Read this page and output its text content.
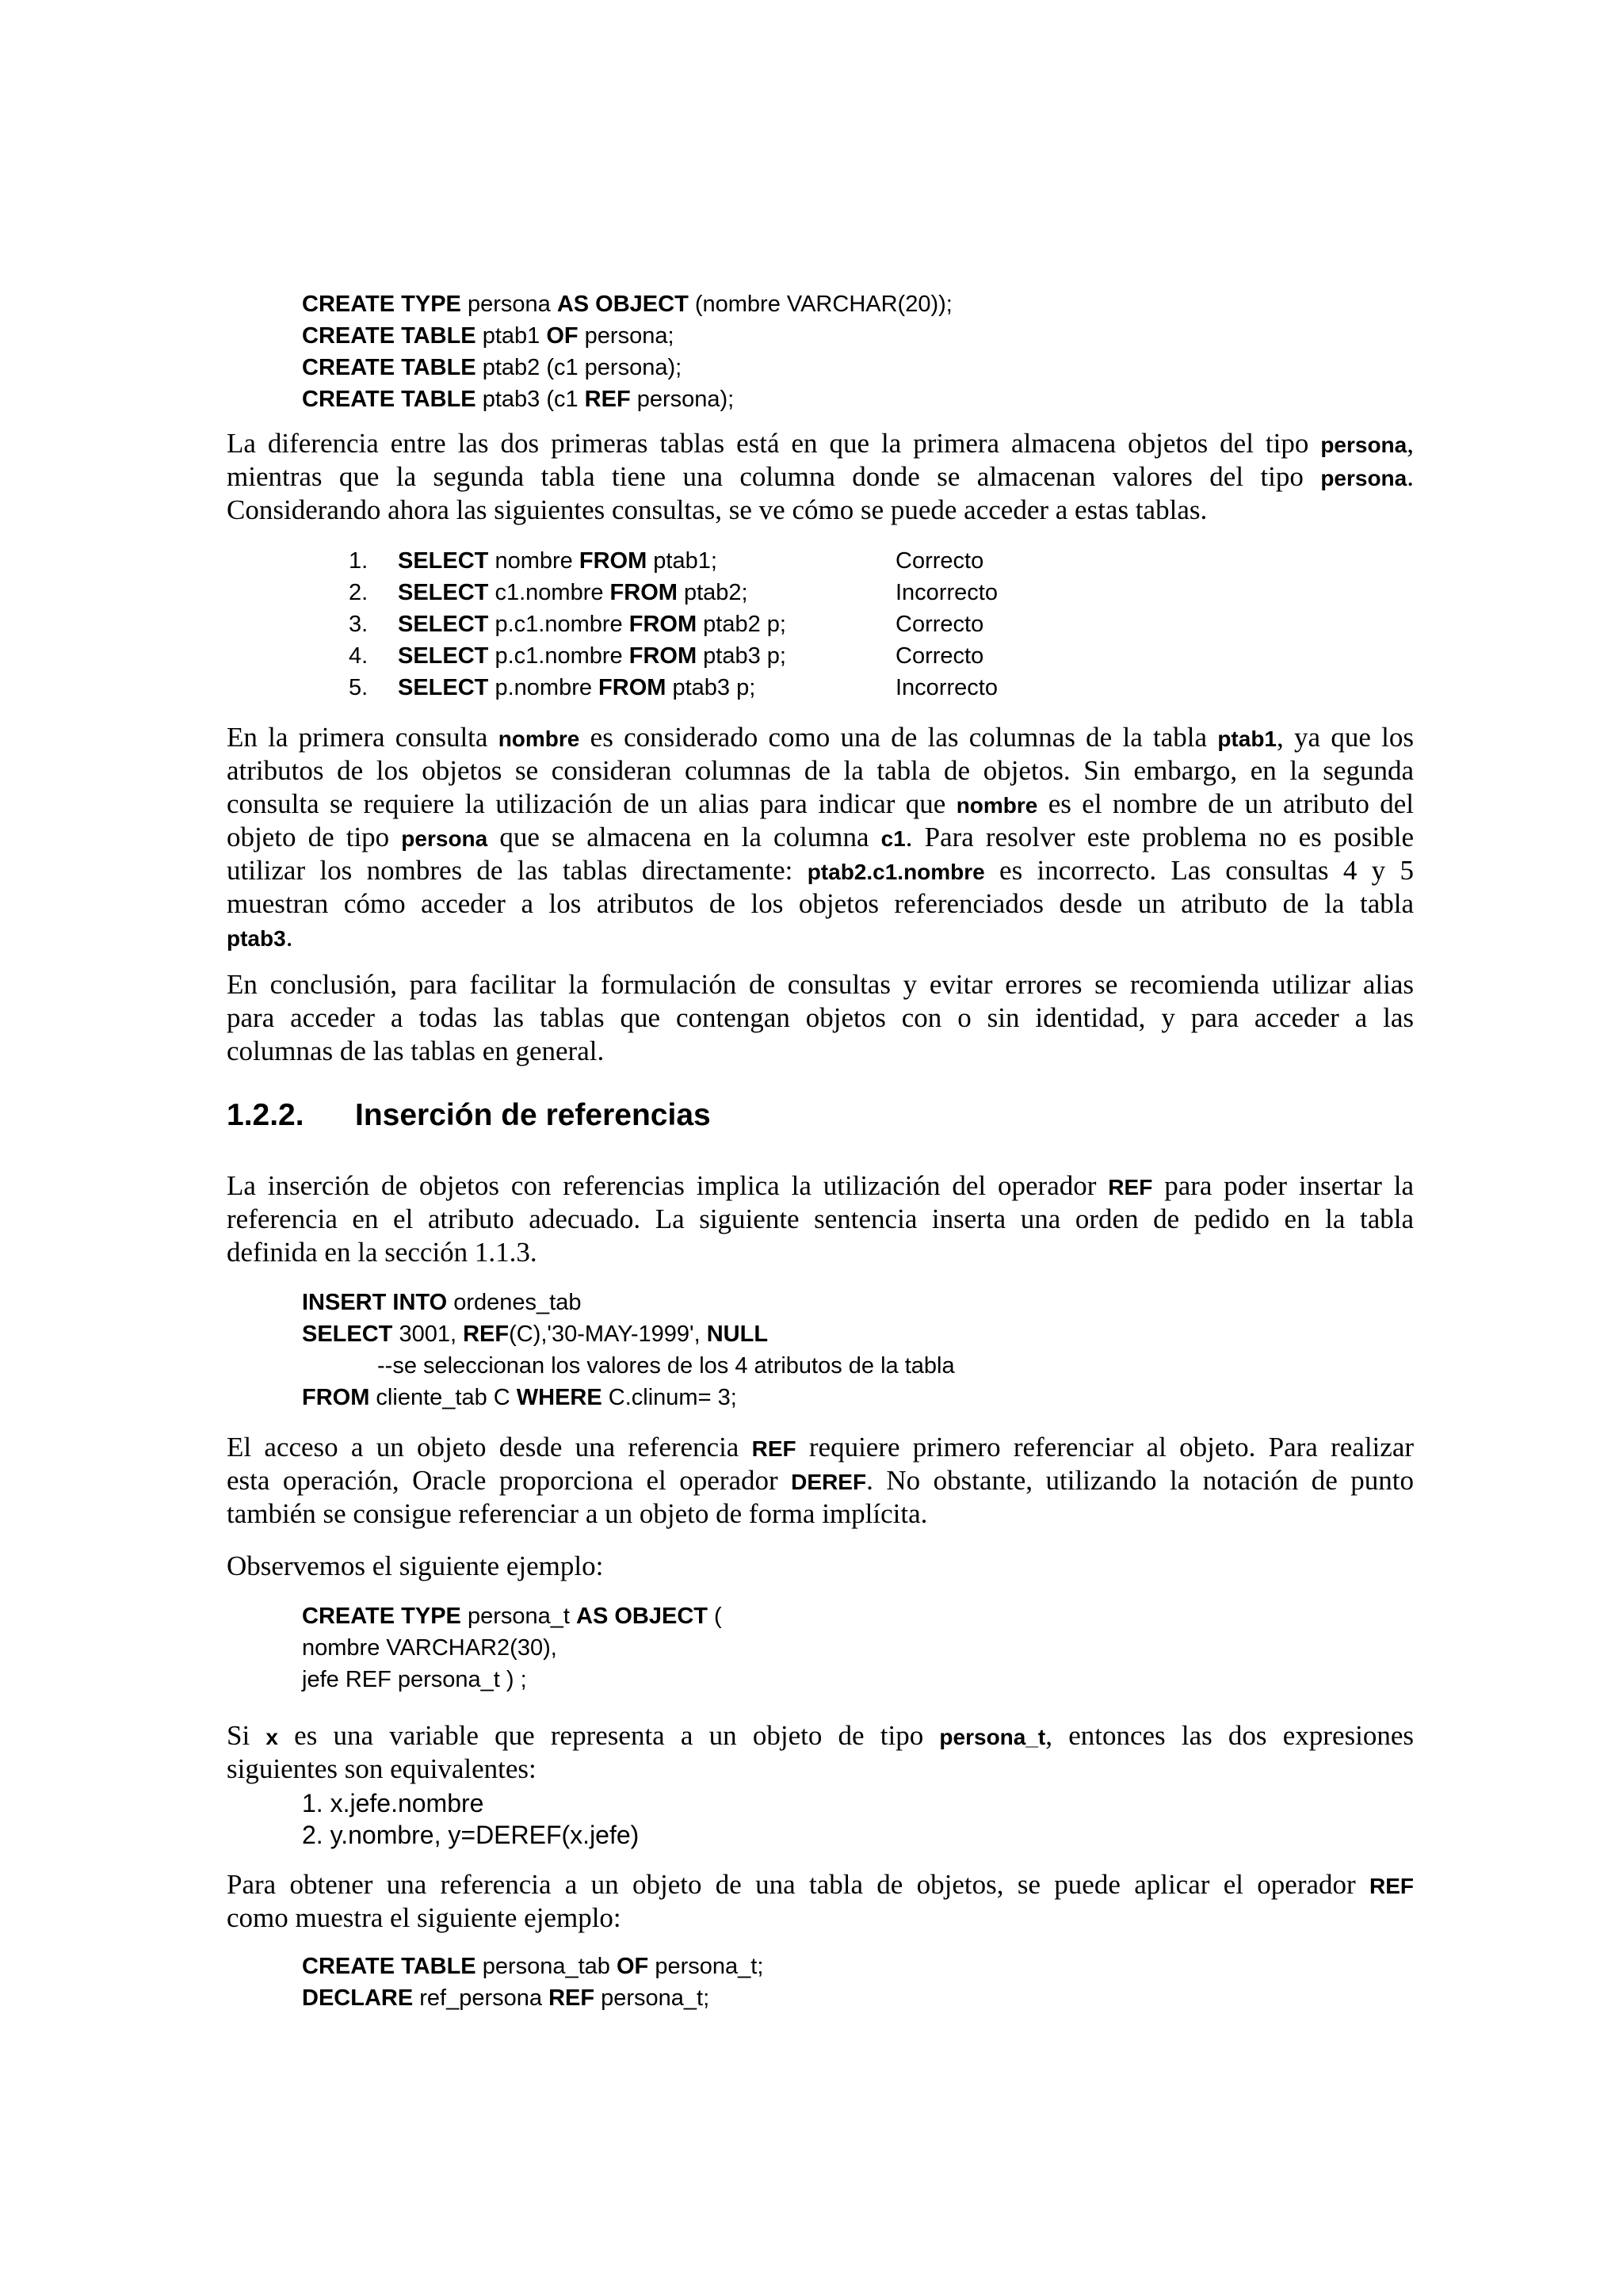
CREATE TYPE persona AS OBJECT (nombre VARCHAR(20));
CREATE TABLE ptab1 OF persona;
CREATE TABLE ptab2 (c1 persona);
CREATE TABLE ptab3 (c1 REF persona);
La diferencia entre las dos primeras tablas está en que la primera almacena objetos del tipo persona,
mientras que la segunda tabla tiene una columna donde se almacenan valores del tipo persona.
Considerando ahora las siguientes consultas, se ve cómo se puede acceder a estas tablas.
1.	SELECT nombre FROM ptab1;	Correcto
2.	SELECT c1.nombre FROM ptab2;	Incorrecto
3.	SELECT p.c1.nombre FROM ptab2 p;	Correcto
4.	SELECT p.c1.nombre FROM ptab3 p;	Correcto
5.	SELECT p.nombre FROM ptab3 p;	Incorrecto
En la primera consulta nombre es considerado como una de las columnas de la tabla ptab1, ya que los
atributos de los objetos se consideran columnas de la tabla de objetos. Sin embargo, en la segunda
consulta se requiere la utilización de un alias para indicar que nombre es el nombre de un atributo del
objeto de tipo persona que se almacena en la columna c1. Para resolver este problema no es posible
utilizar los nombres de las tablas directamente: ptab2.c1.nombre es incorrecto. Las consultas 4 y 5
muestran cómo acceder a los atributos de los objetos referenciados desde un atributo de la tabla
ptab3.
En conclusión, para facilitar la formulación de consultas y evitar errores se recomienda utilizar alias
para acceder a todas las tablas que contengan objetos con o sin identidad, y para acceder a las
columnas de las tablas en general.
1.2.2. Inserción de referencias
La inserción de objetos con referencias implica la utilización del operador REF para poder insertar la
referencia en el atributo adecuado. La siguiente sentencia inserta una orden de pedido en la tabla
definida en la sección 1.1.3.
INSERT INTO ordenes_tab
SELECT 3001, REF(C),'30-MAY-1999', NULL
--se seleccionan los valores de los 4 atributos de la tabla
FROM cliente_tab C WHERE C.clinum= 3;
El acceso a un objeto desde una referencia REF requiere primero referenciar al objeto. Para realizar
esta operación, Oracle proporciona el operador DEREF. No obstante, utilizando la notación de punto
también se consigue referenciar a un objeto de forma implícita.
Observemos el siguiente ejemplo:
CREATE TYPE persona_t AS OBJECT (
nombre VARCHAR2(30),
jefe REF persona_t ) ;
Si x es una variable que representa a un objeto de tipo persona_t, entonces las dos expresiones
siguientes son equivalentes:
1. x.jefe.nombre
2. y.nombre, y=DEREF(x.jefe)
Para obtener una referencia a un objeto de una tabla de objetos, se puede aplicar el operador REF
como muestra el siguiente ejemplo:
CREATE TABLE persona_tab OF persona_t;
DECLARE ref_persona REF persona_t;
